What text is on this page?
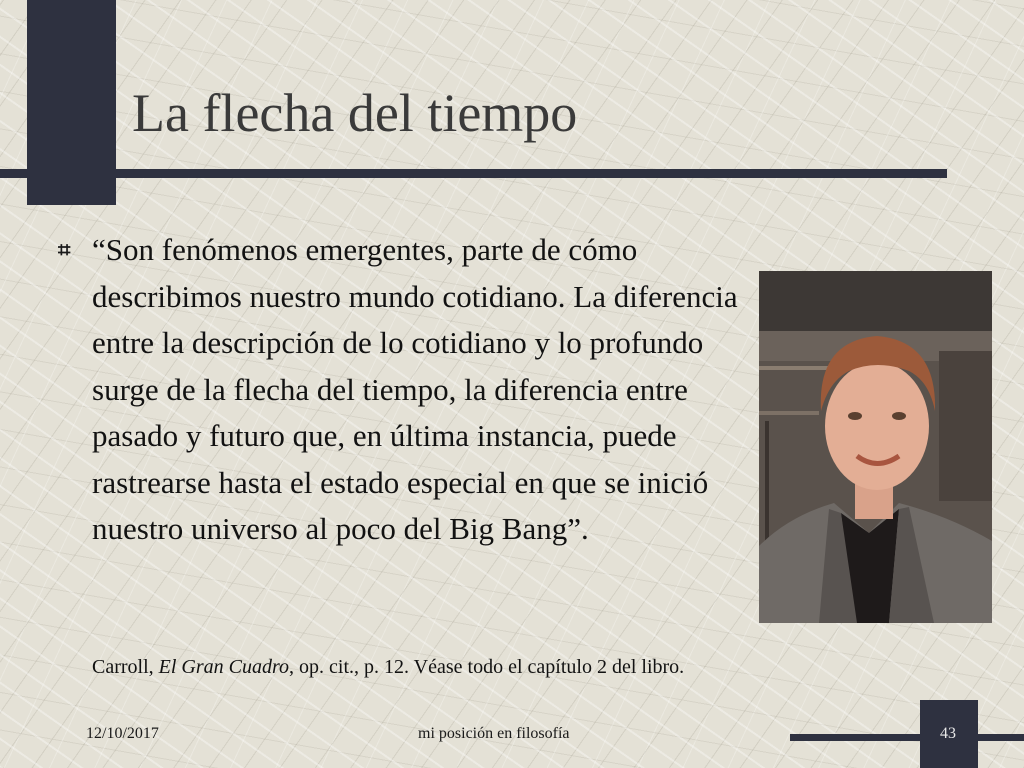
La flecha del tiempo
⌗ “Son fenómenos emergentes, parte de cómo describimos nuestro mundo cotidiano. La diferencia entre la descripción de lo cotidiano y lo profundo surge de la flecha del tiempo, la diferencia entre pasado y futuro que, en última instancia, puede rastrearse hasta el estado especial en que se inició nuestro universo al poco del Big Bang”.

Carroll, El Gran Cuadro, op. cit., p. 12. Véase todo el capítulo 2 del libro.

12/10/2017	mi posición en filosofía	43
